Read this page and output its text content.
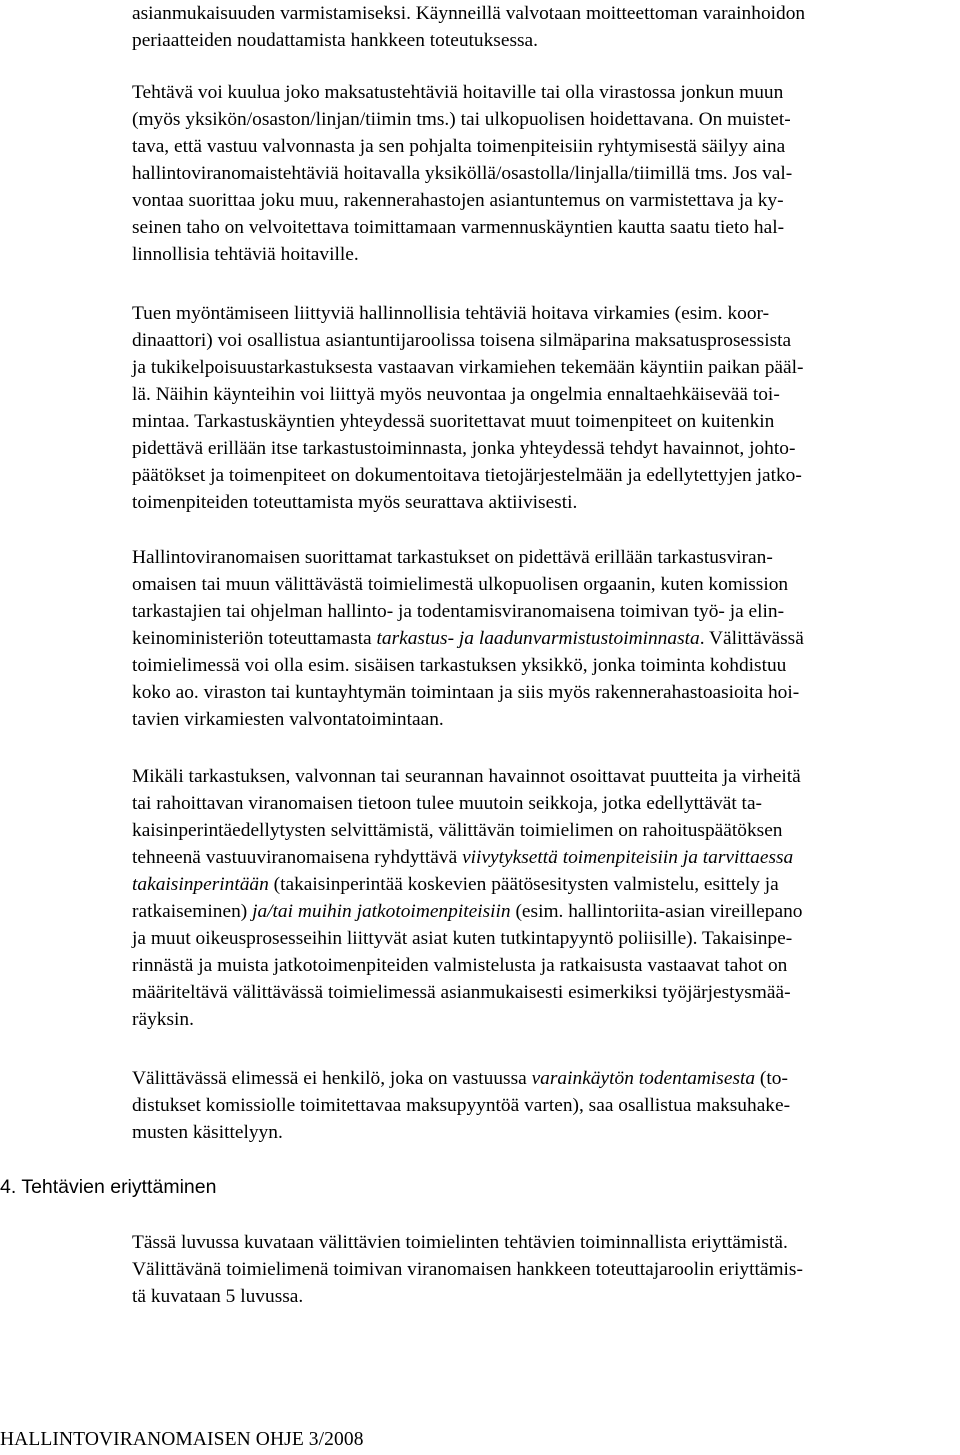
asianmukaisuuden varmistamiseksi. Käynneillä valvotaan moitteettoman varainhoidon
periaatteiden noudattamista hankkeen toteutuksessa.

Tehtävä voi kuulua joko maksatustehtäviä hoitaville tai olla virastossa jonkun muun
(myös yksikön/osaston/linjan/tiimin tms.) tai ulkopuolisen hoidettavana. On muistet-
tava, että vastuu valvonnasta ja sen pohjalta toimenpiteisiin ryhtymisestä säilyy aina
hallintoviranomaistehtäviä hoitavalla yksiköllä/osastolla/linjalla/tiimillä tms. Jos val-
vontaa suorittaa joku muu, rakennerahastojen asiantuntemus on varmistettava ja ky-
seinen taho on velvoitettava toimittamaan varmennuskäyntien kautta saatu tieto hal-
linnollisia tehtäviä hoitaville.

Tuen myöntämiseen liittyviä hallinnollisia tehtäviä hoitava virkamies (esim. koor-
dinaattori) voi osallistua asiantuntijaroolissa toisena silmäparina maksatusprosessista
ja tukikelpoisuustarkastuksesta vastaavan virkamiehen tekemään käyntiin paikan pääl-
lä. Näihin käynteihin voi liittyä myös neuvontaa ja ongelmia ennaltaehkäisevää toi-
mintaa. Tarkastuskäyntien yhteydessä suoritettavat muut toimenpiteet on kuitenkin
pidettävä erillään itse tarkastustoiminnasta, jonka yhteydessä tehdyt havainnot, johto-
päätökset ja toimenpiteet on dokumentoitava tietojärjestelmään ja edellytettyjen jatko-
toimenpiteiden toteuttamista myös seurattava aktiivisesti.

Hallintoviranomaisen suorittamat tarkastukset on pidettävä erillään tarkastusviran-
omaisen tai muun välittävästä toimielimestä ulkopuolisen orgaanin, kuten komission
tarkastajien tai ohjelman hallinto- ja todentamisviranomaisena toimivan työ- ja elin-
keinoministeriön toteuttamasta tarkastus- ja laadunvarmistustoiminnasta. Välittävässä
toimielimessä voi olla esim. sisäisen tarkastuksen yksikkö, jonka toiminta kohdistuu
koko ao. viraston tai kuntayhtymän toimintaan ja siis myös rakennerahastoasioita hoi-
tavien virkamiesten valvontatoimintaan.

Mikäli tarkastuksen, valvonnan tai seurannan havainnot osoittavat puutteita ja virheitä
tai rahoittavan viranomaisen tietoon tulee muutoin seikkoja, jotka edellyttävät ta-
kaisinperintäedellytysten selvittämistä, välittävän toimielimen on rahoituspäätöksen
tehneenä vastuuviranomaisena ryhdyttävä viivytyksettä toimenpiteisiin ja tarvittaessa
takaisinperintään (takaisinperintää koskevien päätösesitysten valmistelu, esittely ja
ratkaiseminen) ja/tai muihin jatkotoimenpiteisiin (esim. hallintoriita-asian vireillepano
ja muut oikeusprosesseihin liittyvät asiat kuten tutkintapyyntö poliisille). Takaisinpe-
rinnästä ja muista jatkotoimenpiteiden valmistelusta ja ratkaisusta vastaavat tahot on
määriteltävä välittävässä toimielimessä asianmukaisesti esimerkiksi työjärjestysmää-
räyksin.

Välittävässä elimessä ei henkilö, joka on vastuussa varainkäytön todentamisesta (to-
distukset komissiolle toimitettavaa maksupyyntöä varten), saa osallistua maksuhake-
musten käsittelyyn.

4. Tehtävien eriyttäminen

Tässä luvussa kuvataan välittävien toimielinten tehtävien toiminnallista eriyttämistä.
Välittävänä toimielimenä toimivan viranomaisen hankkeen toteuttajaroolin eriyttämis-
tä kuvataan 5 luvussa.

HALLINTOVIRANOMAISEN OHJE 3/2008
